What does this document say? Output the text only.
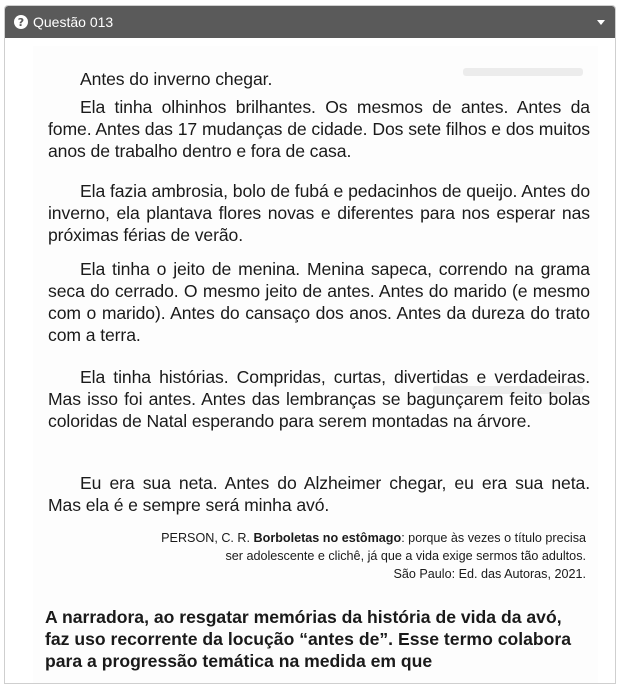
? Questão 013

Antes do inverno chegar.

Ela tinha olhinhos brilhantes. Os mesmos de antes. Antes da fome. Antes das 17 mudanças de cidade. Dos sete filhos e dos muitos anos de trabalho dentro e fora de casa.

Ela fazia ambrosia, bolo de fubá e pedacinhos de queijo. Antes do inverno, ela plantava flores novas e diferentes para nos esperar nas próximas férias de verão.

Ela tinha o jeito de menina. Menina sapeca, correndo na grama seca do cerrado. O mesmo jeito de antes. Antes do marido (e mesmo com o marido). Antes do cansaço dos anos. Antes da dureza do trato com a terra.

Ela tinha histórias. Compridas, curtas, divertidas e verdadeiras. Mas isso foi antes. Antes das lembranças se bagunçarem feito bolas coloridas de Natal esperando para serem montadas na árvore.

Eu era sua neta. Antes do Alzheimer chegar, eu era sua neta. Mas ela é e sempre será minha avó.

PERSON, C. R. Borboletas no estômago: porque às vezes o título precisa

ser adolescente e clichê, já que a vida exige sermos tão adultos.

São Paulo: Ed. das Autoras, 2021.

A narradora, ao resgatar memórias da história de vida da avó, faz uso recorrente da locução “antes de”. Esse termo colabora para a progressão temática na medida em que
